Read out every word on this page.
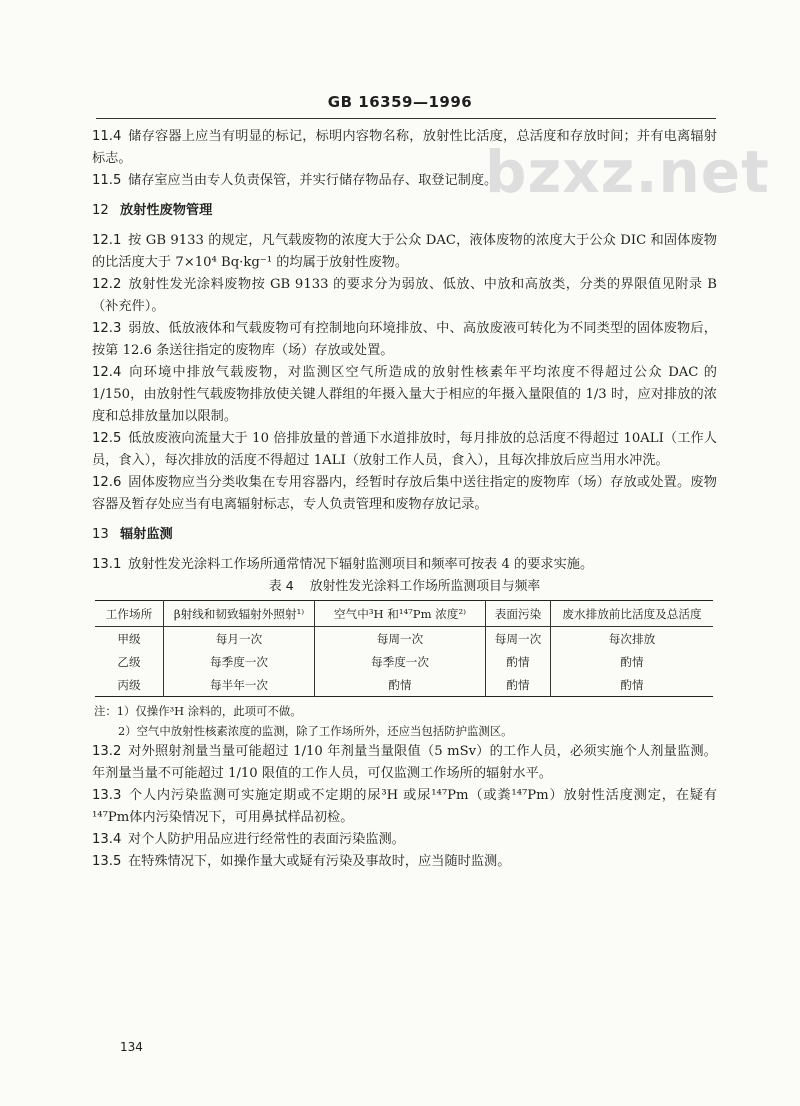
GB 16359—1996
bzxz.net

11.4 储存容器上应当有明显的标记，标明内容物名称，放射性比活度，总活度和存放时间；并有电离辐射标志。

11.5 储存室应当由专人负责保管，并实行储存物品存、取登记制度。

12 放射性废物管理

12.1 按 GB 9133 的规定，凡气载废物的浓度大于公众 DAC，液体废物的浓度大于公众 DIC 和固体废物的比活度大于 7×10⁴ Bq·kg⁻¹ 的均属于放射性废物。

12.2 放射性发光涂料废物按 GB 9133 的要求分为弱放、低放、中放和高放类，分类的界限值见附录 B（补充件）。

12.3 弱放、低放液体和气载废物可有控制地向环境排放、中、高放废液可转化为不同类型的固体废物后，按第 12.6 条送往指定的废物库（场）存放或处置。

12.4 向环境中排放气载废物，对监测区空气所造成的放射性核素年平均浓度不得超过公众 DAC 的 1/150，由放射性气载废物排放使关键人群组的年摄入量大于相应的年摄入量限值的 1/3 时，应对排放的浓度和总排放量加以限制。

12.5 低放废液向流量大于 10 倍排放量的普通下水道排放时，每月排放的总活度不得超过 10ALI（工作人员，食入），每次排放的活度不得超过 1ALI（放射工作人员，食入），且每次排放后应当用水冲洗。

12.6 固体废物应当分类收集在专用容器内，经暂时存放后集中送往指定的废物库（场）存放或处置。废物容器及暂存处应当有电离辐射标志，专人负责管理和废物存放记录。

13 辐射监测

13.1 放射性发光涂料工作场所通常情况下辐射监测项目和频率可按表 4 的要求实施。

表 4 放射性发光涂料工作场所监测项目与频率
工作场所	β射线和韧致辐射外照射¹⁾	空气中³H 和¹⁴⁷Pm 浓度²⁾	表面污染	废水排放前比活度及总活度
甲级	每月一次	每周一次	每周一次	每次排放
乙级	每季度一次	每季度一次	酌情	酌情
丙级	每半年一次	酌情	酌情	酌情
注：1）仅操作³H 涂料的，此项可不做。
2）空气中放射性核素浓度的监测，除了工作场所外，还应当包括防护监测区。

13.2 对外照射剂量当量可能超过 1/10 年剂量当量限值（5 mSv）的工作人员，必须实施个人剂量监测。年剂量当量不可能超过 1/10 限值的工作人员，可仅监测工作场所的辐射水平。

13.3 个人内污染监测可实施定期或不定期的尿³H 或尿¹⁴⁷Pm（或粪¹⁴⁷Pm）放射性活度测定，在疑有¹⁴⁷Pm体内污染情况下，可用鼻拭样品初检。

13.4 对个人防护用品应进行经常性的表面污染监测。

13.5 在特殊情况下，如操作量大或疑有污染及事故时，应当随时监测。

134
